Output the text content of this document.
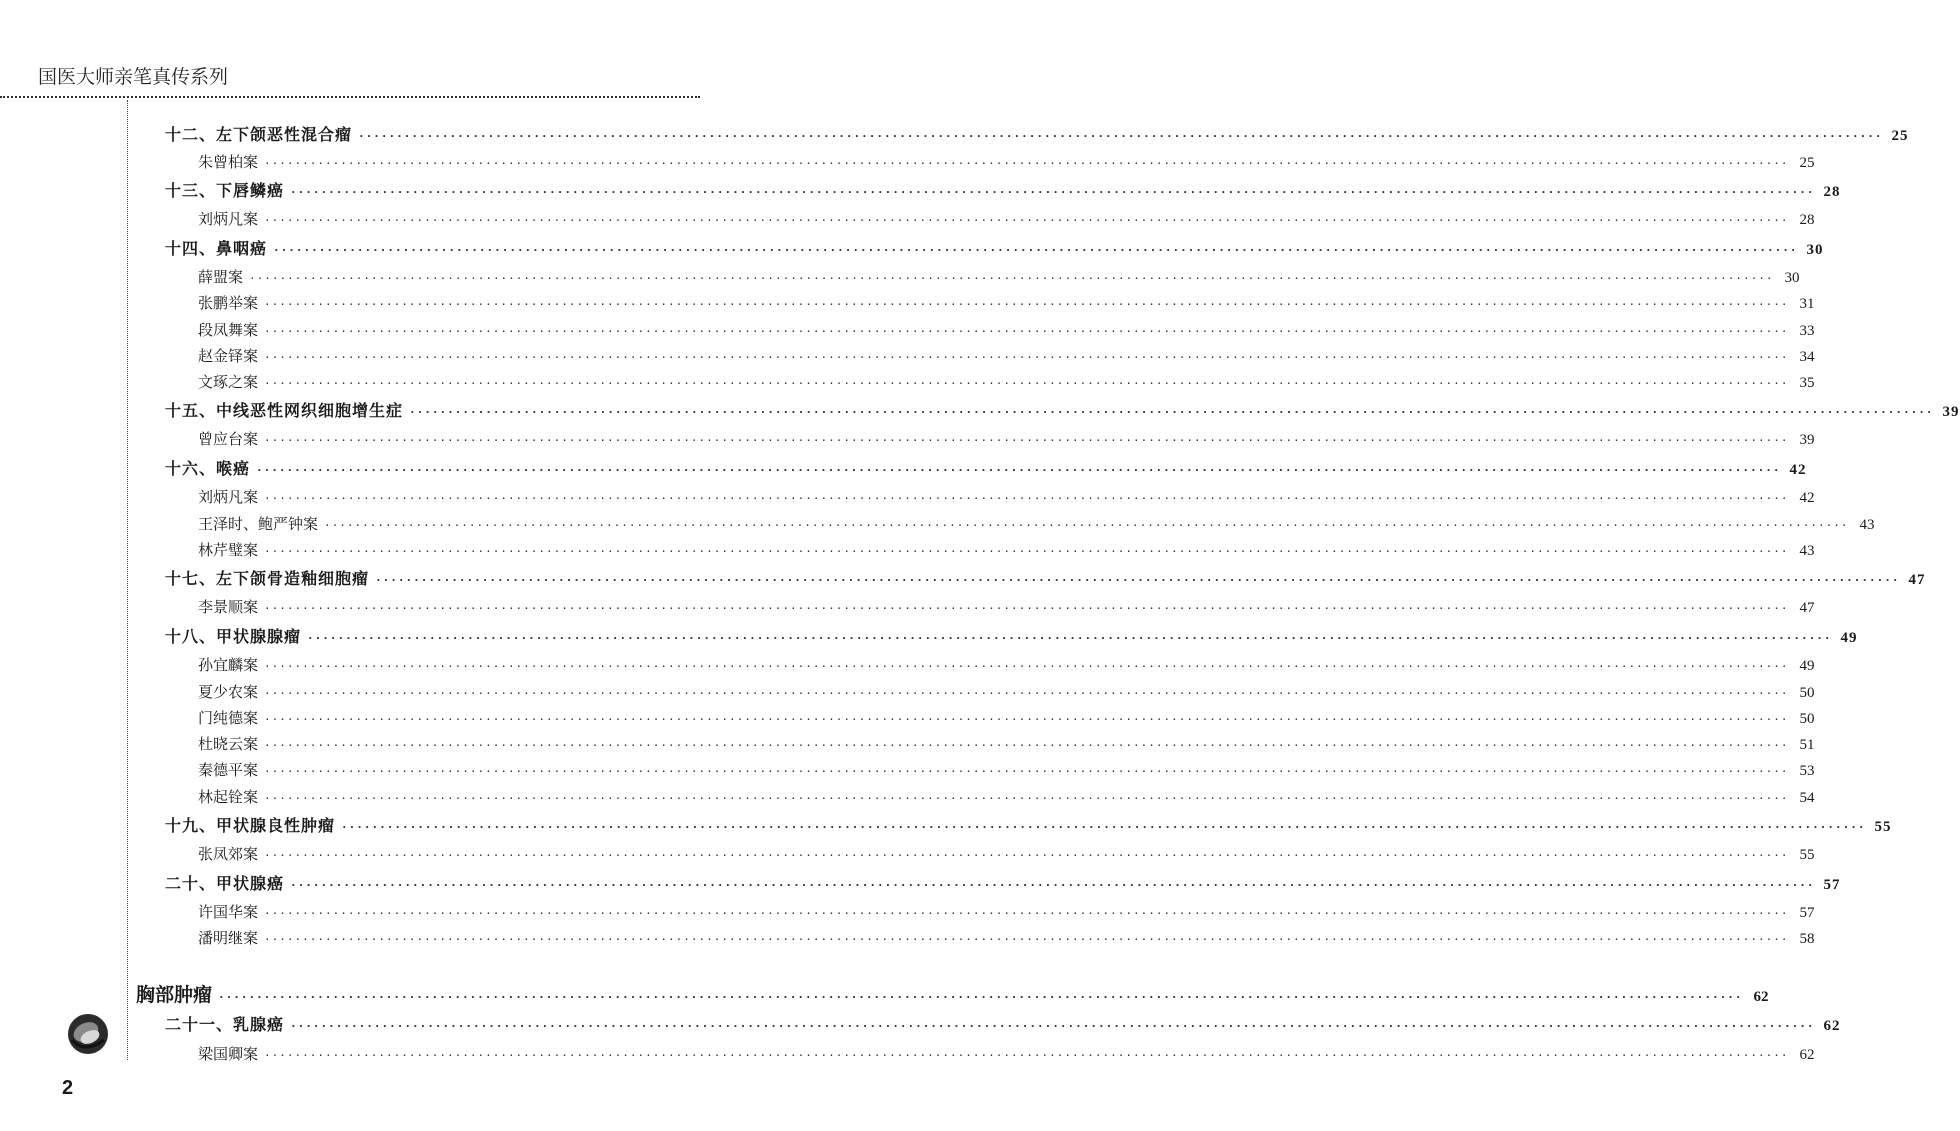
国医大师亲笔真传系列
十二、左下颌恶性混合瘤 ········································································································································································································ 25
朱曾柏案 ········································································································································································································ 25
十三、下唇鳞癌 ········································································································································································································ 28
刘炳凡案 ········································································································································································································ 28
十四、鼻咽癌 ········································································································································································································ 30
薛盟案 ········································································································································································································ 30
张鹏举案 ········································································································································································································ 31
段凤舞案 ········································································································································································································ 33
赵金铎案 ········································································································································································································ 34
文琢之案 ········································································································································································································ 35
十五、中线恶性网织细胞增生症 ········································································································································································································ 39
曾应台案 ········································································································································································································ 39
十六、喉癌 ········································································································································································································ 42
刘炳凡案 ········································································································································································································ 42
王泽时、鲍严钟案 ········································································································································································································ 43
林芹璧案 ········································································································································································································ 43
十七、左下颌骨造釉细胞瘤 ········································································································································································································ 47
李景顺案 ········································································································································································································ 47
十八、甲状腺腺瘤 ········································································································································································································ 49
孙宜麟案 ········································································································································································································ 49
夏少农案 ········································································································································································································ 50
门纯德案 ········································································································································································································ 50
杜晓云案 ········································································································································································································ 51
秦德平案 ········································································································································································································ 53
林起铨案 ········································································································································································································ 54
十九、甲状腺良性肿瘤 ········································································································································································································ 55
张凤郊案 ········································································································································································································ 55
二十、甲状腺癌 ········································································································································································································ 57
许国华案 ········································································································································································································ 57
潘明继案 ········································································································································································································ 58
胸部肿瘤 ········································································································································································································ 62
二十一、乳腺癌 ········································································································································································································ 62
梁国卿案 ········································································································································································································ 62
2
